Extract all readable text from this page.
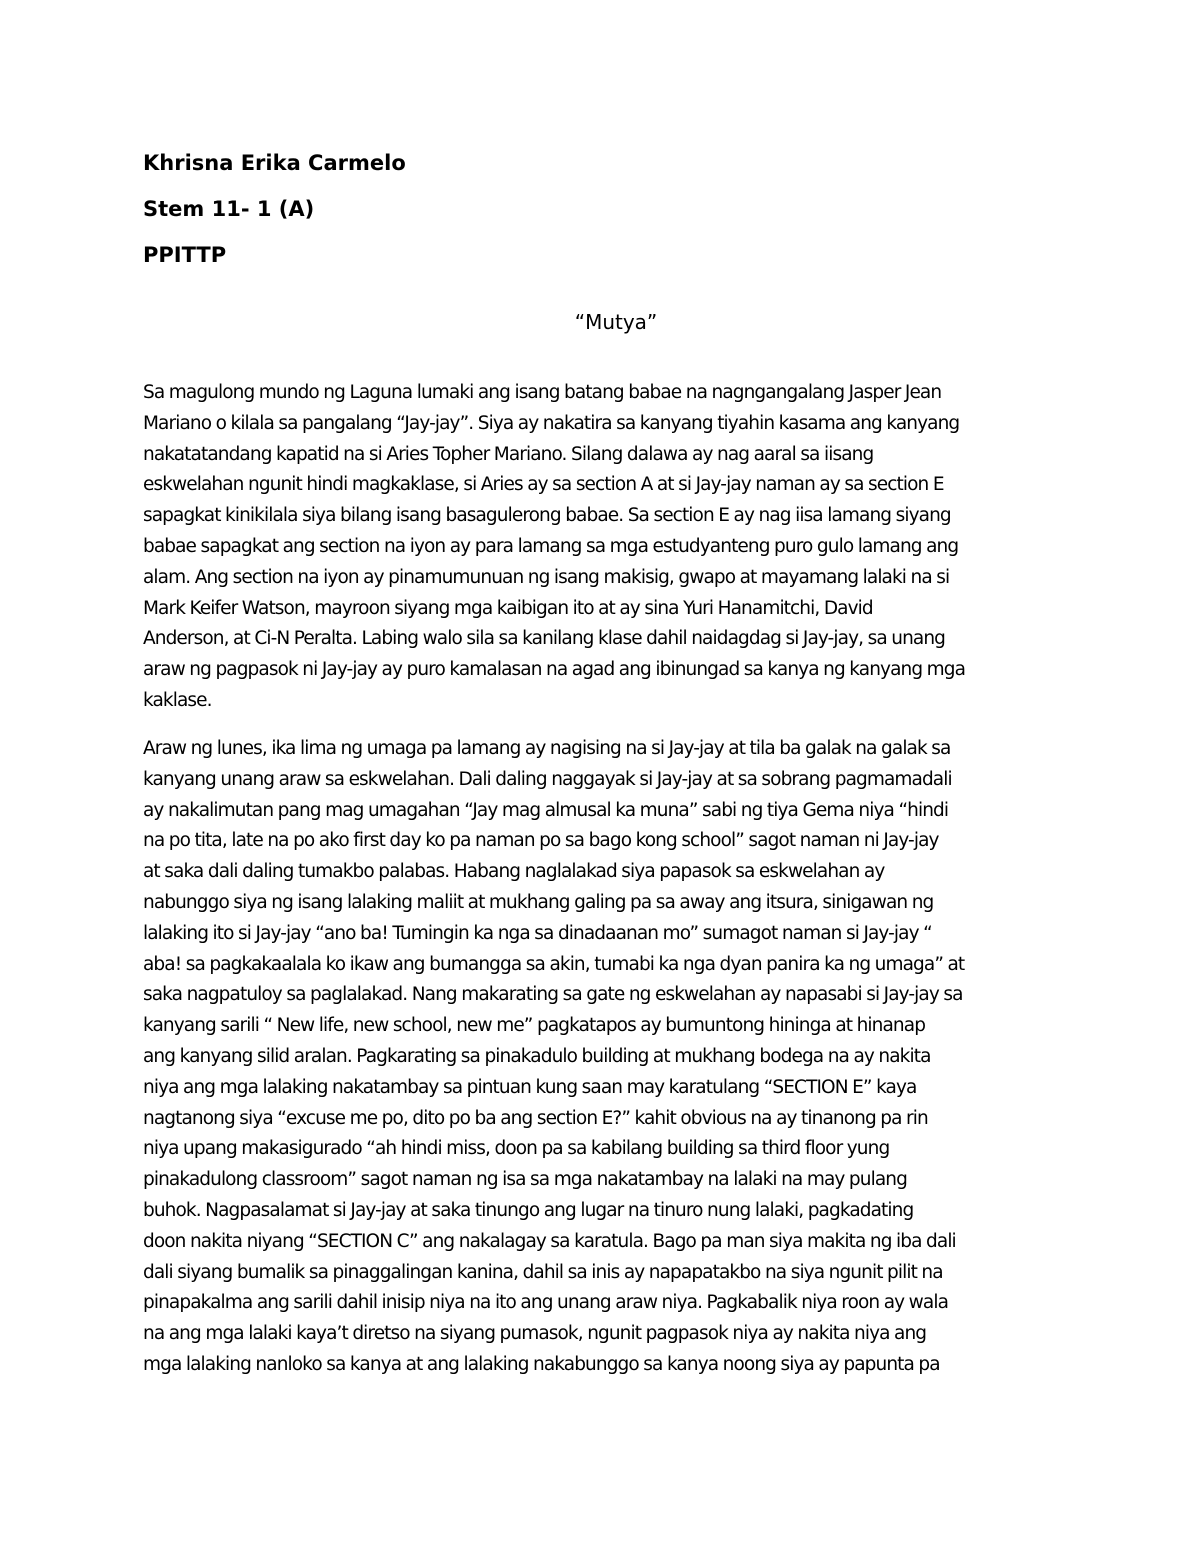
Khrisna Erika Carmelo
Stem 11- 1 (A)
PPITTP
“Mutya”
Sa magulong mundo ng Laguna lumaki ang isang batang babae na nagngangalang Jasper Jean
Mariano o kilala sa pangalang “Jay-jay”. Siya ay nakatira sa kanyang tiyahin kasama ang kanyang
nakatatandang kapatid na si Aries Topher Mariano. Silang dalawa ay nag aaral sa iisang
eskwelahan ngunit hindi magkaklase, si Aries ay sa section A at si Jay-jay naman ay sa section E
sapagkat kinikilala siya bilang isang basagulerong babae. Sa section E ay nag iisa lamang siyang
babae sapagkat ang section na iyon ay para lamang sa mga estudyanteng puro gulo lamang ang
alam. Ang section na iyon ay pinamumunuan ng isang makisig, gwapo at mayamang lalaki na si
Mark Keifer Watson, mayroon siyang mga kaibigan ito at ay sina Yuri Hanamitchi, David
Anderson, at Ci-N Peralta. Labing walo sila sa kanilang klase dahil naidagdag si Jay-jay, sa unang
araw ng pagpasok ni Jay-jay ay puro kamalasan na agad ang ibinungad sa kanya ng kanyang mga
kaklase.
Araw ng lunes, ika lima ng umaga pa lamang ay nagising na si Jay-jay at tila ba galak na galak sa
kanyang unang araw sa eskwelahan. Dali daling naggayak si Jay-jay at sa sobrang pagmamadali
ay nakalimutan pang mag umagahan “Jay mag almusal ka muna” sabi ng tiya Gema niya “hindi
na po tita, late na po ako first day ko pa naman po sa bago kong school” sagot naman ni Jay-jay
at saka dali daling tumakbo palabas. Habang naglalakad siya papasok sa eskwelahan ay
nabunggo siya ng isang lalaking maliit at mukhang galing pa sa away ang itsura, sinigawan ng
lalaking ito si Jay-jay “ano ba! Tumingin ka nga sa dinadaanan mo” sumagot naman si Jay-jay “
aba! sa pagkakaalala ko ikaw ang bumangga sa akin, tumabi ka nga dyan panira ka ng umaga” at
saka nagpatuloy sa paglalakad. Nang makarating sa gate ng eskwelahan ay napasabi si Jay-jay sa
kanyang sarili “ New life, new school, new me” pagkatapos ay bumuntong hininga at hinanap
ang kanyang silid aralan. Pagkarating sa pinakadulo building at mukhang bodega na ay nakita
niya ang mga lalaking nakatambay sa pintuan kung saan may karatulang “SECTION E” kaya
nagtanong siya “excuse me po, dito po ba ang section E?” kahit obvious na ay tinanong pa rin
niya upang makasigurado “ah hindi miss, doon pa sa kabilang building sa third floor yung
pinakadulong classroom” sagot naman ng isa sa mga nakatambay na lalaki na may pulang
buhok. Nagpasalamat si Jay-jay at saka tinungo ang lugar na tinuro nung lalaki, pagkadating
doon nakita niyang “SECTION C” ang nakalagay sa karatula. Bago pa man siya makita ng iba dali
dali siyang bumalik sa pinaggalingan kanina, dahil sa inis ay napapatakbo na siya ngunit pilit na
pinapakalma ang sarili dahil inisip niya na ito ang unang araw niya. Pagkabalik niya roon ay wala
na ang mga lalaki kaya’t diretso na siyang pumasok, ngunit pagpasok niya ay nakita niya ang
mga lalaking nanloko sa kanya at ang lalaking nakabunggo sa kanya noong siya ay papunta pa
